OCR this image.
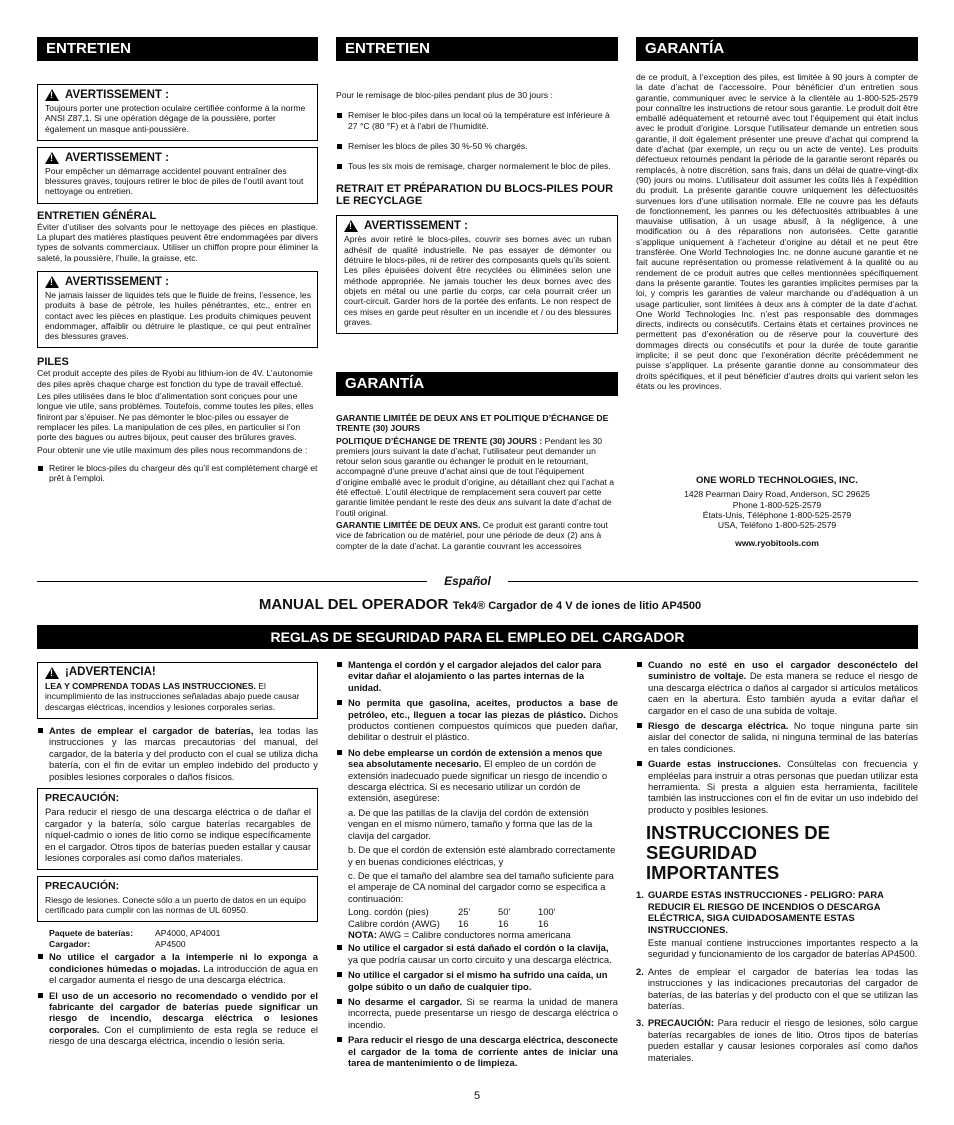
ENTRETIEN	ENTRETIEN	GARANTÍA
!
AVERTISSEMENT :

Toujours porter une protection oculaire certifiée conforme à la norme ANSI Z87.1. Si une opération dégage de la poussière, porter également un masque anti-poussière.

!
AVERTISSEMENT :

Pour empêcher un démarrage accidentel pouvant entraîner des blessures graves, toujours retirer le bloc de piles de l’outil avant tout nettoyage ou entretien.

ENTRETIEN GÉNÉRAL

Éviter d’utiliser des solvants pour le nettoyage des pièces en plastique. La plupart des matières plastiques peuvent être endommagées par divers types de solvants commerciaux. Utiliser un chiffon propre pour éliminer la saleté, la poussière, l’huile, la graisse, etc.

!
AVERTISSEMENT :

Ne jamais laisser de liquides tels que le fluide de freins, l’essence, les produits à base de pétrole, les huiles pénétrantes, etc., entrer en contact avec les pièces en plastique. Les produits chimiques peuvent endommager, affaiblir ou détruire le plastique, ce qui peut entraîner des blessures graves.

PILES

Cet produit accepte des piles de Ryobi au lithium-ion de 4V. L’autonomie des piles après chaque charge est fonction du type de travail effectué.

Les piles utilisées dans le bloc d’alimentation sont conçues pour une longue vie utile, sans problèmes. Toutefois, comme toutes les piles, elles finiront par s’épuiser. Ne pas démonter le bloc-piles ou essayer de remplacer les piles. La manipulation de ces piles, en particulier si l’on porte des bagues ou autres bijoux, peut causer des brûlures graves.

Pour obtenir une vie utile maximum des piles nous recommandons de :

Retirer le blocs-piles du chargeur dès qu’il est complètement chargé et prêt à l’emploi.

Pour le remisage de bloc-piles pendant plus de 30 jours :

Remiser le bloc-piles dans un local où la température est inférieure à 27 °C (80 °F) et à l’abri de l’humidité.
Remiser les blocs de piles 30 %-50 % chargés.
Tous les six mois de remisage, charger normalement le bloc de piles.
RETRAIT ET PRÉPARATION DU BLOCS-PILES POUR LE RECYCLAGE
!
AVERTISSEMENT :

Après avoir retiré le blocs-piles, couvrir ses bornes avec un ruban adhésif de qualité industrielle. Ne pas essayer de démonter ou détruire le blocs-piles, ni de retirer des composants quels qu’ils soient. Les piles épuisées doivent être recyclées ou éliminées selon une méthode appropriée. Ne jamais toucher les deux bornes avec des objets en métal ou une partie du corps, car cela pourrait créer un court-circuit. Garder hors de la portée des enfants. Le non respect de ces mises en garde peut résulter en un incendie et / ou des blessures graves.

GARANTÍA

GARANTIE LIMITÉE DE DEUX ANS ET POLITIQUE D’ÉCHANGE DE TRENTE (30) JOURS

POLITIQUE D’ÉCHANGE DE TRENTE (30) JOURS : Pendant les 30 premiers jours suivant la date d’achat, l’utilisateur peut demander un retour selon sous garantie ou échanger le produit en le retournant, accompagné d’une preuve d’achat ainsi que de tout l’équipement d’origine emballé avec le produit d’origine, au détaillant chez qui l’achat a été effectué. L’outil électrique de remplacement sera couvert par cette garantie limitée pendant le reste des deux ans suivant la date d’achat de l’outil original.

GARANTIE LIMITÉE DE DEUX ANS. Ce produit est garanti contre tout vice de fabrication ou de matériel, pour une période de deux (2) ans à compter de la date d’achat. La garantie couvrant les accessoires

de ce produit, à l’exception des piles, est limitée à 90 jours à compter de la date d’achat de l’accessoire. Pour bénéficier d’un entretien sous garantie, communiquer avec le service à la clientèle au 1-800-525-2579 pour connaître les instructions de retour sous garantie. Le produit doit être emballé adéquatement et retourné avec tout l’équipement qui était inclus avec le produit d’origine. Lorsque l’utilisateur demande un entretien sous garantie, il doit également présenter une preuve d’achat qui comprend la date d’achat (par exemple, un reçu ou un acte de vente). Les produits défectueux retournés pendant la période de la garantie seront réparés ou remplacés, à notre discrétion, sans frais, dans un délai de quatre-vingt-dix (90) jours ou moins. L’utilisateur doit assumer les coûts liés à l’expédition du produit. La présente garantie couvre uniquement les défectuosités survenues lors d’une utilisation normale. Elle ne couvre pas les défauts de fonctionnement, les pannes ou les défectuosités attribuables à une mauvaise utilisation, à un usage abusif, à la négligence, à une modification ou à des réparations non autorisées. Cette garantie s’applique uniquement à l’acheteur d’origine au détail et ne peut être transférée. One World Technologies Inc. ne donne aucune garantie et ne fait aucune représentation ou promesse relativement à la qualité ou au rendement de ce produit autres que celles mentionnées spécifiquement dans la présente garantie. Toutes les garanties implicites permises par la loi, y compris les garanties de valeur marchande ou d’adéquation à un usage particulier, sont limitées à deux ans à compter de la date d’achat. One World Technologies Inc. n’est pas responsable des dommages directs, indirects ou consécutifs. Certains états et certaines provinces ne permettent pas d’exonération ou de réserve pour la couverture des dommages directs ou consécutifs et pour la durée de toute garantie implicite; il se peut donc que l’exonération décrite précédemment ne puisse s’appliquer. La présente garantie donne au consommateur des droits spécifiques, et il peut bénéficier d’autres droits qui varient selon les états ou les provinces.

ONE WORLD TECHNOLOGIES, INC.

1428 Pearman Dairy Road, Anderson, SC 29625

Phone 1-800-525-2579

États-Unis, Téléphone 1-800-525-2579

USA, Teléfono 1-800-525-2579

www.ryobitools.com

Español
MANUAL DEL OPERADOR Tek4® Cargador de 4 V de iones de litio AP4500
REGLAS DE SEGURIDAD PARA EL EMPLEO DEL CARGADOR
!
¡ADVERTENCIA!

LEA Y COMPRENDA TODAS LAS INSTRUCCIONES. El incumplimiento de las instrucciones señaladas abajo puede causar descargas eléctricas, incendios y lesiones corporales serias.

Antes de emplear el cargador de baterías, lea todas las instrucciones y las marcas precautorias del manual, del cargador, de la batería y del producto con el cual se utiliza dicha batería, con el fin de evitar un empleo indebido del producto y posibles lesiones corporales o daños físicos.

PRECAUCIÓN:

Para reducir el riesgo de una descarga eléctrica o de dañar el cargador y la batería, sólo cargue baterías recargables de níquel-cadmio o iones de litio como se indique específicamente en el cargador. Otros tipos de baterías pueden estallar y causar lesiones corporales así como daños materiales.

PRECAUCIÓN:

Riesgo de lesiones. Conecte sólo a un puerto de datos en un equipo certificado para cumplir con las normas de UL 60950.

Paquete de baterías:	AP4000, AP4001
Cargador:	AP4500
No utilice el cargador a la intemperie ni lo exponga a condiciones húmedas o mojadas. La introducción de agua en el cargador aumenta el riesgo de una descarga eléctrica.
El uso de un accesorio no recomendado o vendido por el fabricante del cargador de baterías puede significar un riesgo de incendio, descarga eléctrica o lesiones corporales. Con el cumplimiento de esta regla se reduce el riesgo de una descarga eléctrica, incendio o lesión seria.
Mantenga el cordón y el cargador alejados del calor para evitar dañar el alojamiento o las partes internas de la unidad.
No permita que gasolina, aceites, productos a base de petróleo, etc., lleguen a tocar las piezas de plástico. Dichos productos contienen compuestos químicos que pueden dañar, debilitar o destruir el plástico.
No debe emplearse un cordón de extensión a menos que sea absolutamente necesario. El empleo de un cordón de extensión inadecuado puede significar un riesgo de incendio o descarga eléctrica. Si es necesario utilizar un cordón de extensión, asegúrese:

a. De que las patillas de la clavija del cordón de extensión vengan en el mismo número, tamaño y forma que las de la clavija del cargador.

b. De que el cordón de extensión esté alambrado correctamente y en buenas condiciones eléctricas, y

c. De que el tamaño del alambre sea del tamaño suficiente para el amperaje de CA nominal del cargador como se especifica a continuación:

Long. cordón (pies)	25'	50'	100'
Calibre cordón (AWG)	16	16	16

NOTA: AWG = Calibre conductores norma americana

No utilice el cargador si está dañado el cordón o la clavija, ya que podría causar un corto circuito y una descarga eléctrica.
No utilice el cargador si el mismo ha sufrido una caída, un golpe súbito o un daño de cualquier tipo.
No desarme el cargador. Si se rearma la unidad de manera incorrecta, puede presentarse un riesgo de descarga eléctrica o incendio.
Para reducir el riesgo de una descarga eléctrica, desconecte el cargador de la toma de corriente antes de iniciar una tarea de mantenimiento o de limpieza.
Cuando no esté en uso el cargador desconéctelo del suministro de voltaje. De esta manera se reduce el riesgo de una descarga eléctrica o daños al cargador si artículos metálicos caen en la abertura. Esto también ayuda a evitar dañar el cargador en el caso de una subida de voltaje.
Riesgo de descarga eléctrica. No toque ninguna parte sin aislar del conector de salida, ni ninguna terminal de las baterías en tales condiciones.
Guarde estas instrucciones. Consúltelas con frecuencia y empléelas para instruir a otras personas que puedan utilizar esta herramienta. Si presta a alguien esta herramienta, facilítele también las instrucciones con el fin de evitar un uso indebido del producto y posibles lesiones.
INSTRUCCIONES DE SEGURIDAD IMPORTANTES
1. GUARDE ESTAS INSTRUCCIONES - PELIGRO: PARA REDUCIR EL RIESGO DE INCENDIOS O DESCARGA ELÉCTRICA, SIGA CUIDADOSAMENTE ESTAS INSTRUCCIONES.

Este manual contiene instrucciones importantes respecto a la seguridad y funcionamiento de los cargador de baterías AP4500.

2. Antes de emplear el cargador de baterías lea todas las instrucciones y las indicaciones precautorias del cargador de baterías, de las baterías y del producto con el que se utilizan las baterías.

3. PRECAUCIÓN: Para reducir el riesgo de lesiones, sólo cargue baterías recargables de iones de litio. Otros tipos de baterías pueden estallar y causar lesiones corporales así como daños materiales.

5
